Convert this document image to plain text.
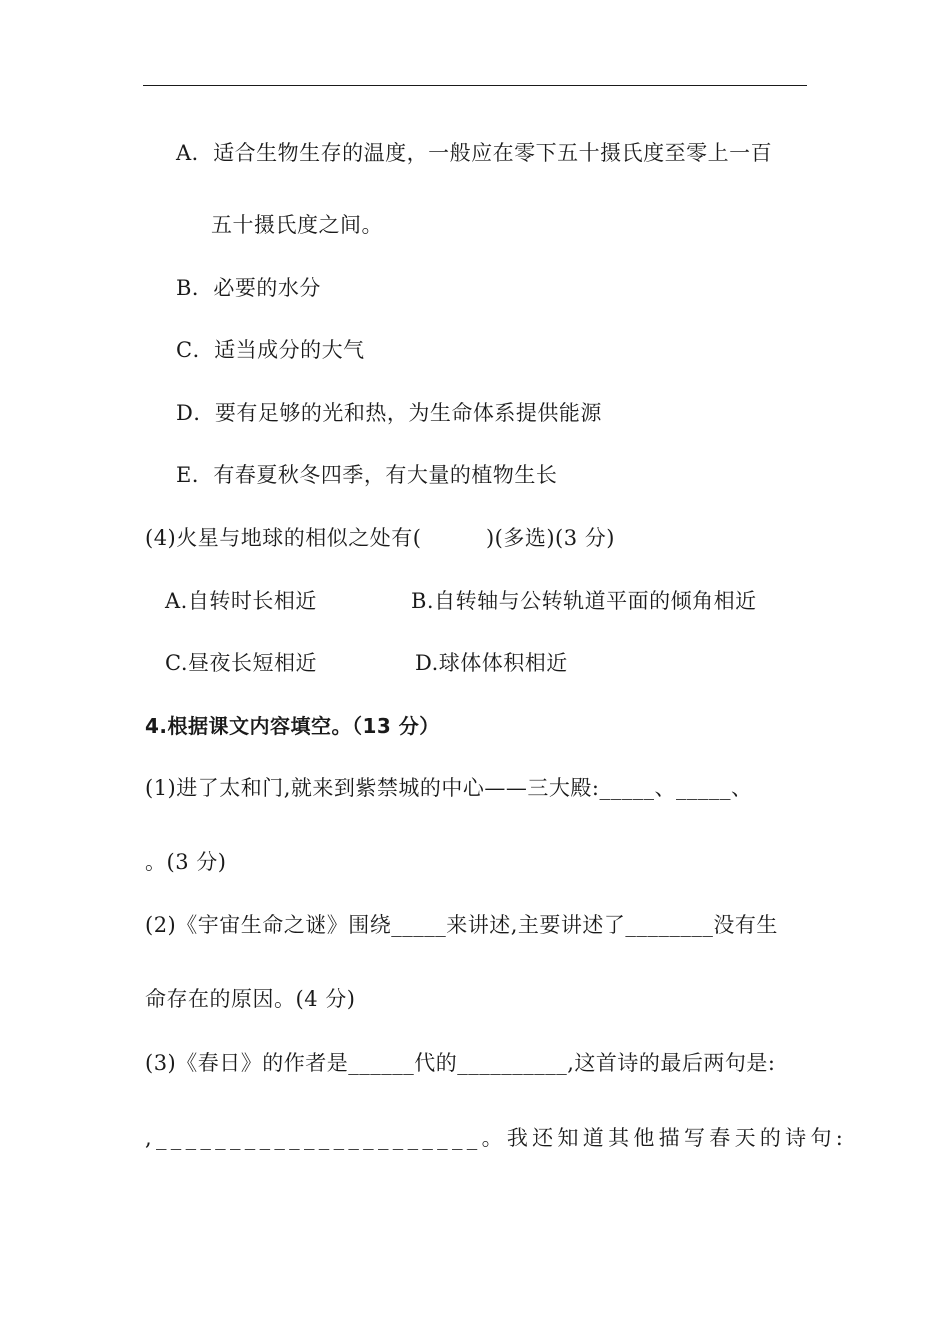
A．适合生物生存的温度，一般应在零下五十摄氏度至零上一百
五十摄氏度之间。
B．必要的水分
C．适当成分的大气
D．要有足够的光和热，为生命体系提供能源
E．有春夏秋冬四季，有大量的植物生长
(4)火星与地球的相似之处有(　　　)(多选)(3 分)
A.自转时长相近	B.自转轴与公转轨道平面的倾角相近
C.昼夜长短相近	D.球体体积相近
4.根据课文内容填空。（13 分）
(1)进了太和门,就来到紫禁城的中心——三大殿:_____、_____、
。(3 分)
(2)《宇宙生命之谜》围绕_____来讲述,主要讲述了________没有生
命存在的原因。(4 分)
(3)《春日》的作者是______代的__________,这首诗的最后两句是:
,______________________。我还知道其他描写春天的诗句:
